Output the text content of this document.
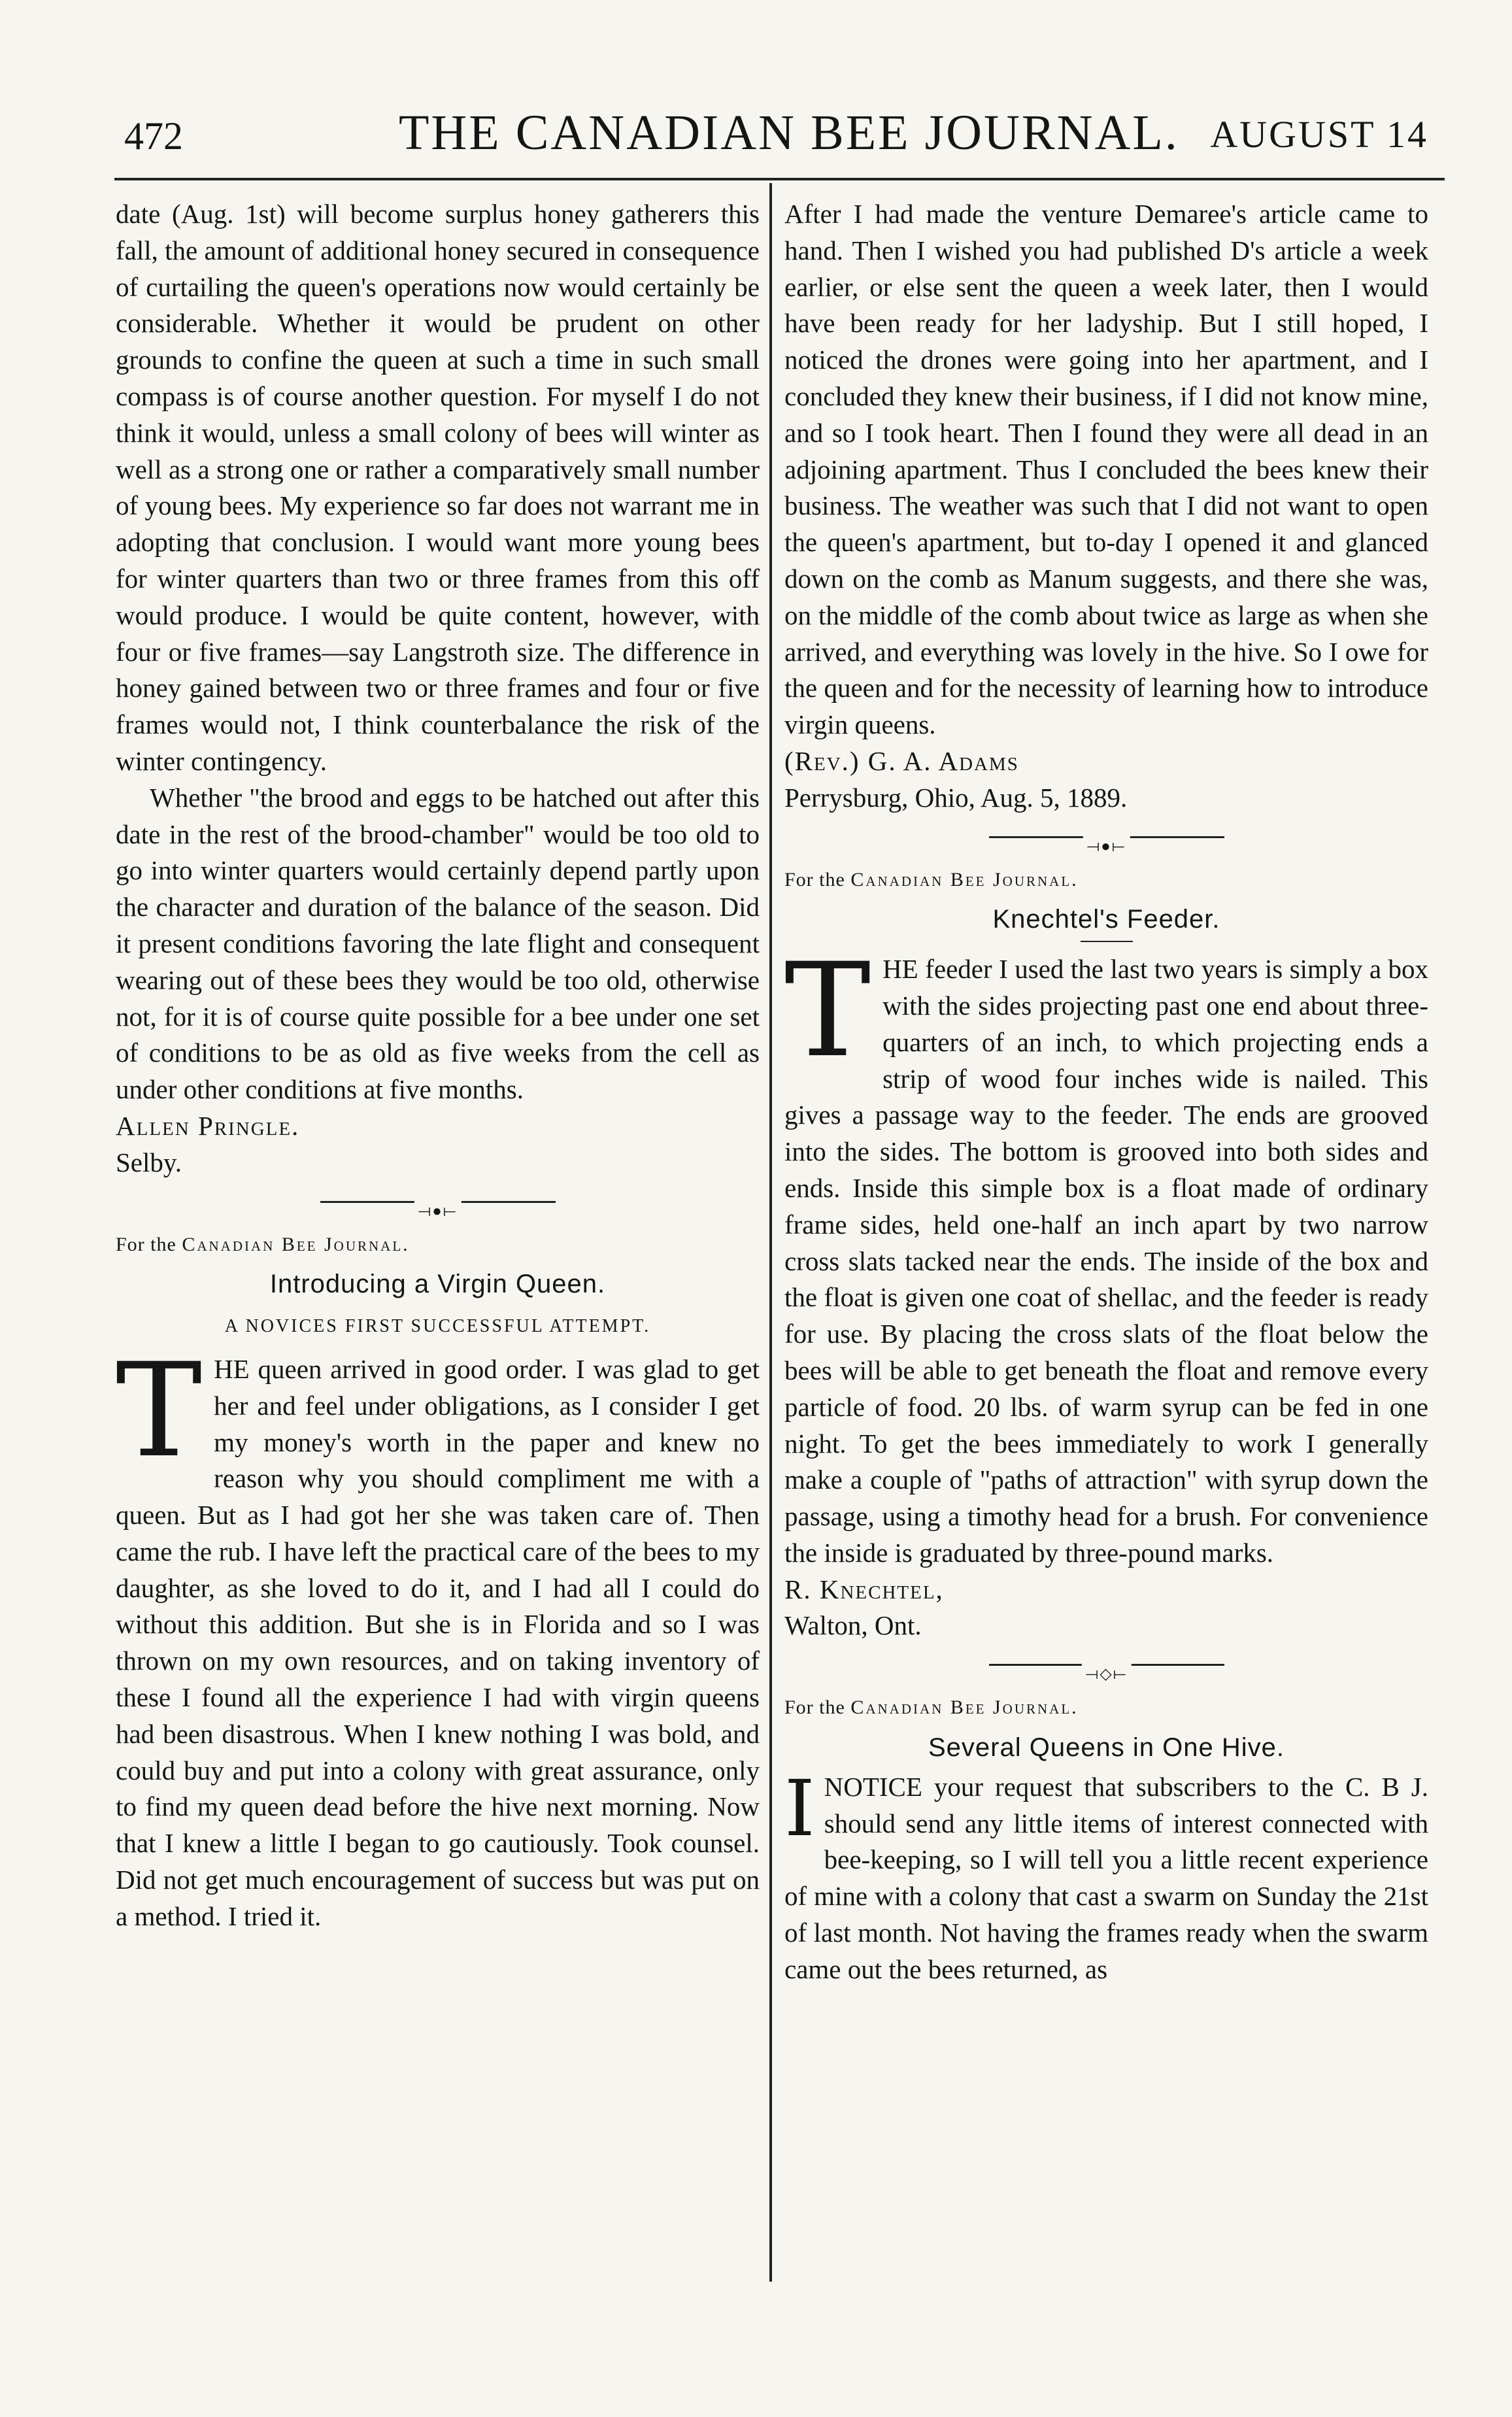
472	THE CANADIAN BEE JOURNAL. AUGUST 14

date (Aug. 1st) will become surplus honey gatherers this fall, the amount of additional honey secured in consequence of curtailing the queen's operations now would certainly be considerable. Whether it would be prudent on other grounds to confine the queen at such a time in such small compass is of course another question. For myself I do not think it would, unless a small colony of bees will winter as well as a strong one or rather a comparatively small number of young bees. My experience so far does not warrant me in adopting that conclusion. I would want more young bees for winter quarters than two or three frames from this off would produce. I would be quite content, however, with four or five frames—say Langstroth size. The difference in honey gained between two or three frames and four or five frames would not, I think counterbalance the risk of the winter contingency.

Whether "the brood and eggs to be hatched out after this date in the rest of the brood-chamber" would be too old to go into winter quarters would certainly depend partly upon the character and duration of the balance of the season. Did it present conditions favoring the late flight and consequent wearing out of these bees they would be too old, otherwise not, for it is of course quite possible for a bee under one set of conditions to be as old as five weeks from the cell as under other conditions at five months.

Allen Pringle.

Selby.

⟞●⟝

For the Canadian Bee Journal.

Introducing a Virgin Queen.
A NOVICES FIRST SUCCESSFUL ATTEMPT.

THE queen arrived in good order. I was glad to get her and feel under obligations, as I consider I get my money's worth in the paper and knew no reason why you should compliment me with a queen. But as I had got her she was taken care of. Then came the rub. I have left the practical care of the bees to my daughter, as she loved to do it, and I had all I could do without this addition. But she is in Florida and so I was thrown on my own resources, and on taking inventory of these I found all the experience I had with virgin queens had been disastrous. When I knew nothing I was bold, and could buy and put into a colony with great assurance, only to find my queen dead before the hive next morning. Now that I knew a little I began to go cautiously. Took counsel. Did not get much encouragement of success but was put on a method. I tried it.

After I had made the venture Demaree's article came to hand. Then I wished you had published D's article a week earlier, or else sent the queen a week later, then I would have been ready for her ladyship. But I still hoped, I noticed the drones were going into her apartment, and I concluded they knew their business, if I did not know mine, and so I took heart. Then I found they were all dead in an adjoining apartment. Thus I concluded the bees knew their business. The weather was such that I did not want to open the queen's apartment, but to-day I opened it and glanced down on the comb as Manum suggests, and there she was, on the middle of the comb about twice as large as when she arrived, and everything was lovely in the hive. So I owe for the queen and for the necessity of learning how to introduce virgin queens.

(Rev.) G. A. Adams

Perrysburg, Ohio, Aug. 5, 1889.

⟞●⟝

For the Canadian Bee Journal.

Knechtel's Feeder.

THE feeder I used the last two years is simply a box with the sides projecting past one end about three-quarters of an inch, to which projecting ends a strip of wood four inches wide is nailed. This gives a passage way to the feeder. The ends are grooved into the sides. The bottom is grooved into both sides and ends. Inside this simple box is a float made of ordinary frame sides, held one-half an inch apart by two narrow cross slats tacked near the ends. The inside of the box and the float is given one coat of shellac, and the feeder is ready for use. By placing the cross slats of the float below the bees will be able to get beneath the float and remove every particle of food. 20 lbs. of warm syrup can be fed in one night. To get the bees immediately to work I generally make a couple of "paths of attraction" with syrup down the passage, using a timothy head for a brush. For convenience the inside is graduated by three-pound marks.

R. Knechtel,

Walton, Ont.

⟞◇⟝

For the Canadian Bee Journal.

Several Queens in One Hive.

INOTICE your request that subscribers to the C. B J. should send any little items of interest connected with bee-keeping, so I will tell you a little recent experience of mine with a colony that cast a swarm on Sunday the 21st of last month. Not having the frames ready when the swarm came out the bees returned, as
